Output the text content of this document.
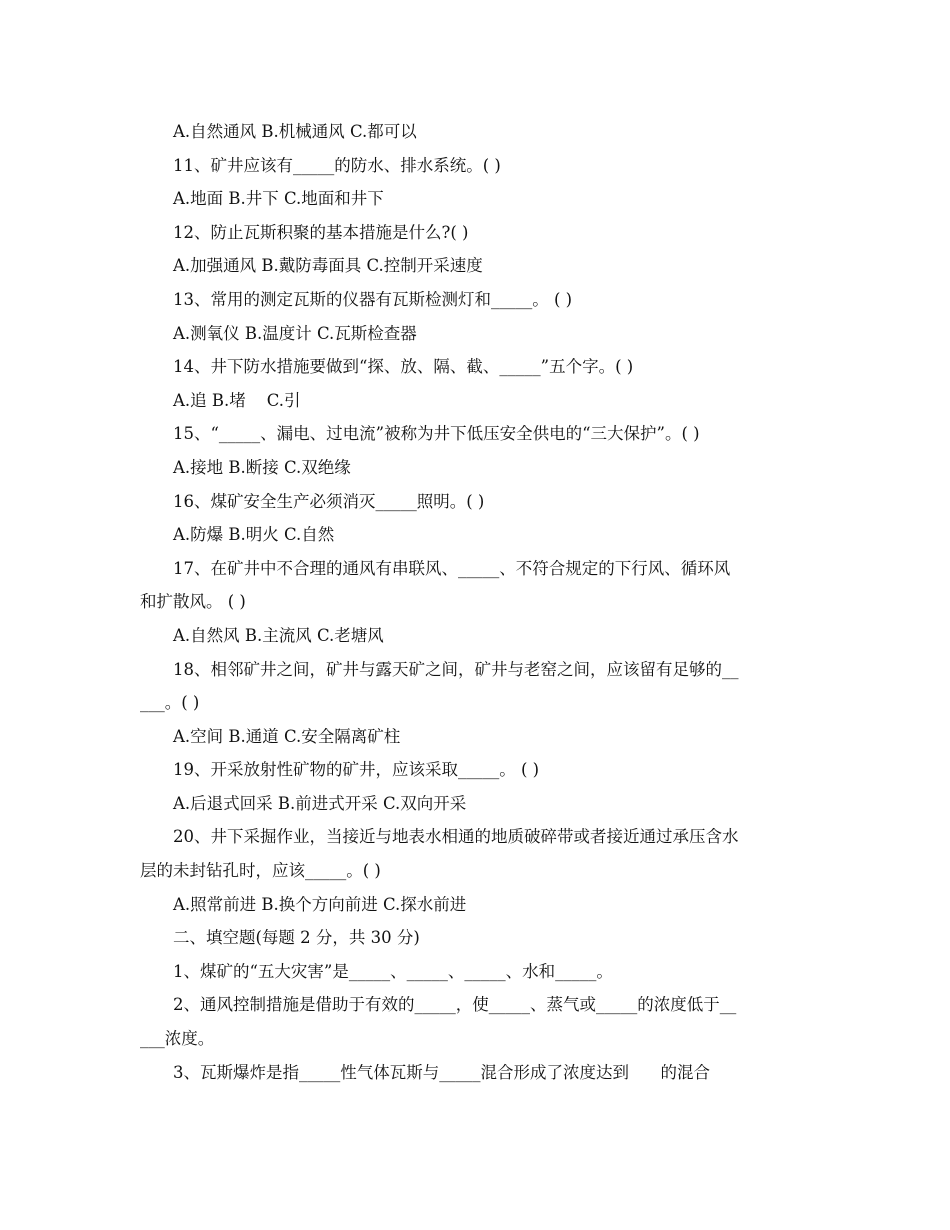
A.自然通风 B.机械通风 C.都可以

11、矿井应该有_____的防水、排水系统。( )

A.地面 B.井下 C.地面和井下

12、防止瓦斯积聚的基本措施是什么?( )

A.加强通风 B.戴防毒面具 C.控制开采速度

13、常用的测定瓦斯的仪器有瓦斯检测灯和_____。 ( )

A.测氧仪 B.温度计 C.瓦斯检查器

14、井下防水措施要做到“探、放、隔、截、_____”五个字。( )

A.追 B.堵    C.引

15、“_____、漏电、过电流”被称为井下低压安全供电的“三大保护”。( )

A.接地 B.断接 C.双绝缘

16、煤矿安全生产必须消灭_____照明。( )

A.防爆 B.明火 C.自然

17、在矿井中不合理的通风有串联风、_____、不符合规定的下行风、循环风

和扩散风。 ( )

A.自然风 B.主流风 C.老塘风

18、相邻矿井之间，矿井与露天矿之间，矿井与老窑之间，应该留有足够的__

___。( )

A.空间 B.通道 C.安全隔离矿柱

19、开采放射性矿物的矿井，应该采取_____。 ( )

A.后退式回采 B.前进式开采 C.双向开采

20、井下采掘作业，当接近与地表水相通的地质破碎带或者接近通过承压含水

层的未封钻孔时，应该_____。( )

A.照常前进 B.换个方向前进 C.探水前进

二、填空题(每题 2 分，共 30 分)

1、煤矿的“五大灾害”是_____、_____、_____、水和_____。

2、通风控制措施是借助于有效的_____，使_____、蒸气或_____的浓度低于__

___浓度。

3、瓦斯爆炸是指_____性气体瓦斯与_____混合形成了浓度达到      的混合
